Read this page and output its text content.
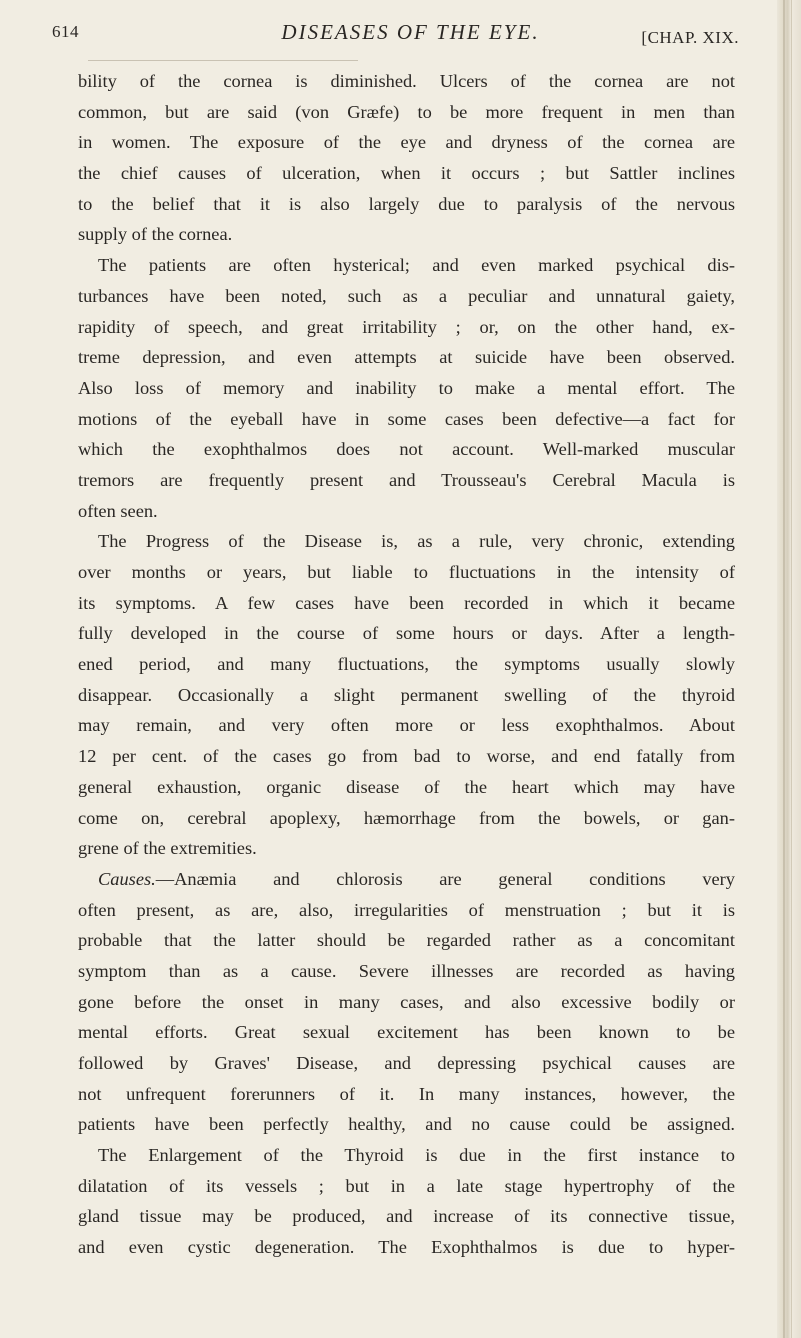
614	DISEASES OF THE EYE.	[CHAP. XIX.
bility of the cornea is diminished. Ulcers of the cornea are not
common, but are said (von Græfe) to be more frequent in men than
in women. The exposure of the eye and dryness of the cornea are
the chief causes of ulceration, when it occurs ; but Sattler inclines
to the belief that it is also largely due to paralysis of the nervous
supply of the cornea.
The patients are often hysterical; and even marked psychical dis-
turbances have been noted, such as a peculiar and unnatural gaiety,
rapidity of speech, and great irritability ; or, on the other hand, ex-
treme depression, and even attempts at suicide have been observed.
Also loss of memory and inability to make a mental effort. The
motions of the eyeball have in some cases been defective—a fact for
which the exophthalmos does not account. Well-marked muscular
tremors are frequently present and Trousseau's Cerebral Macula is
often seen.
The Progress of the Disease is, as a rule, very chronic, extending
over months or years, but liable to fluctuations in the intensity of
its symptoms. A few cases have been recorded in which it became
fully developed in the course of some hours or days. After a length-
ened period, and many fluctuations, the symptoms usually slowly
disappear. Occasionally a slight permanent swelling of the thyroid
may remain, and very often more or less exophthalmos. About
12 per cent. of the cases go from bad to worse, and end fatally from
general exhaustion, organic disease of the heart which may have
come on, cerebral apoplexy, hæmorrhage from the bowels, or gan-
grene of the extremities.
Causes.—Anæmia and chlorosis are general conditions very
often present, as are, also, irregularities of menstruation ; but it is
probable that the latter should be regarded rather as a concomitant
symptom than as a cause. Severe illnesses are recorded as having
gone before the onset in many cases, and also excessive bodily or
mental efforts. Great sexual excitement has been known to be
followed by Graves' Disease, and depressing psychical causes are
not unfrequent forerunners of it. In many instances, however, the
patients have been perfectly healthy, and no cause could be assigned.
The Enlargement of the Thyroid is due in the first instance to
dilatation of its vessels ; but in a late stage hypertrophy of the
gland tissue may be produced, and increase of its connective tissue,
and even cystic degeneration. The Exophthalmos is due to hyper-
